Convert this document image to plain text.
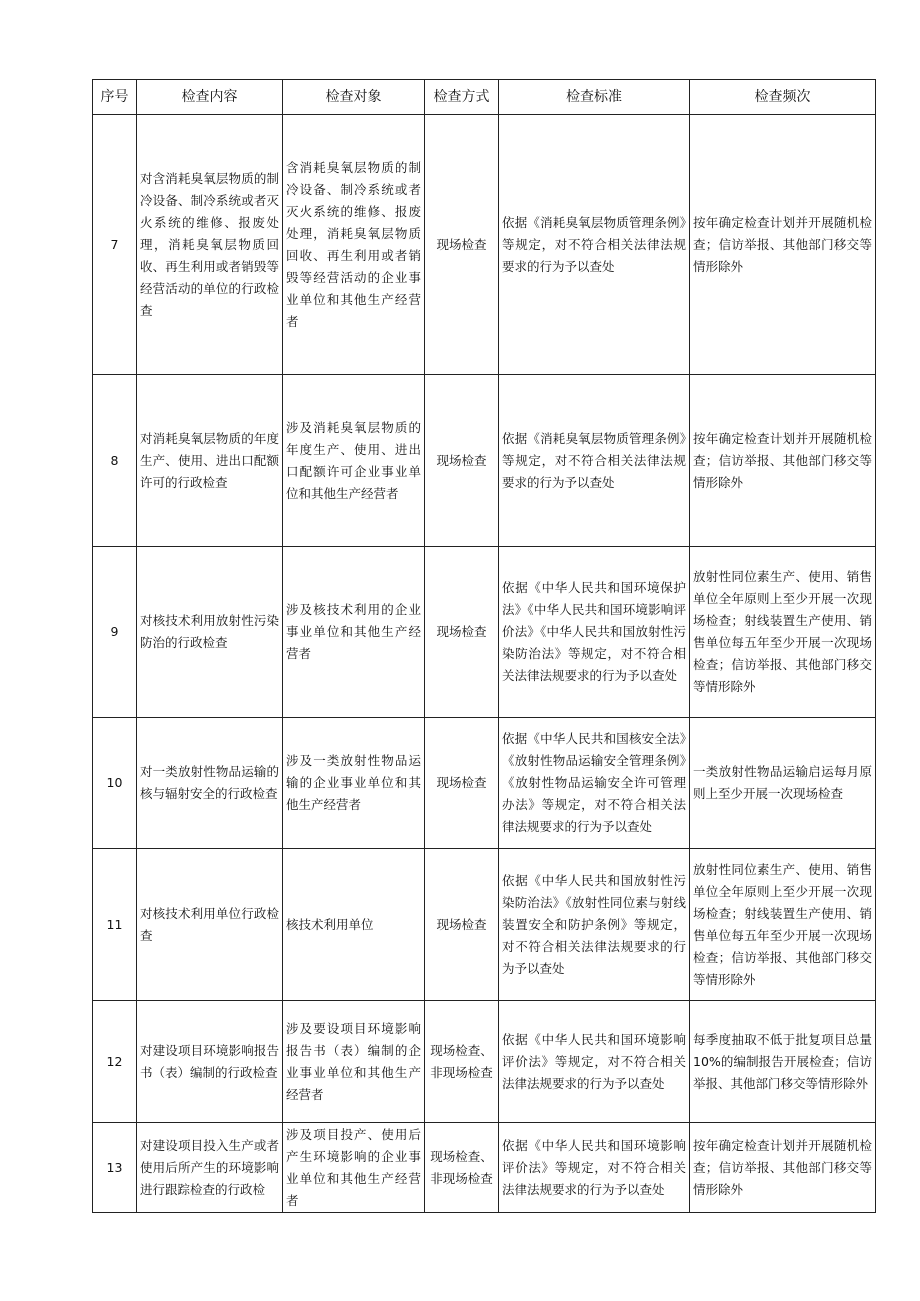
序号	检查内容	检查对象	检查方式	检查标准	检查频次
7	对含消耗臭氧层物质的制冷设备、制冷系统或者灭火系统的维修、报废处理，消耗臭氧层物质回收、再生利用或者销毁等经营活动的单位的行政检查	含消耗臭氧层物质的制冷设备、制冷系统或者灭火系统的维修、报废处理，消耗臭氧层物质回收、再生利用或者销毁等经营活动的企业事业单位和其他生产经营者	现场检查	依据《消耗臭氧层物质管理条例》等规定，对不符合相关法律法规要求的行为予以查处	按年确定检查计划并开展随机检查；信访举报、其他部门移交等情形除外
8	对消耗臭氧层物质的年度生产、使用、进出口配额许可的行政检查	涉及消耗臭氧层物质的年度生产、使用、进出口配额许可企业事业单位和其他生产经营者	现场检查	依据《消耗臭氧层物质管理条例》等规定，对不符合相关法律法规要求的行为予以查处	按年确定检查计划并开展随机检查；信访举报、其他部门移交等情形除外
9	对核技术利用放射性污染防治的行政检查	涉及核技术利用的企业事业单位和其他生产经营者	现场检查	依据《中华人民共和国环境保护法》《中华人民共和国环境影响评价法》《中华人民共和国放射性污染防治法》等规定，对不符合相关法律法规要求的行为予以查处	放射性同位素生产、使用、销售单位全年原则上至少开展一次现场检查；射线装置生产使用、销售单位每五年至少开展一次现场检查；信访举报、其他部门移交等情形除外
10	对一类放射性物品运输的核与辐射安全的行政检查	涉及一类放射性物品运输的企业事业单位和其他生产经营者	现场检查	依据《中华人民共和国核安全法》《放射性物品运输安全管理条例》《放射性物品运输安全许可管理办法》等规定，对不符合相关法律法规要求的行为予以查处	一类放射性物品运输启运每月原则上至少开展一次现场检查
11	对核技术利用单位行政检查	核技术利用单位	现场检查	依据《中华人民共和国放射性污染防治法》《放射性同位素与射线装置安全和防护条例》等规定，对不符合相关法律法规要求的行为予以查处	放射性同位素生产、使用、销售单位全年原则上至少开展一次现场检查；射线装置生产使用、销售单位每五年至少开展一次现场检查；信访举报、其他部门移交等情形除外
12	对建设项目环境影响报告书（表）编制的行政检查	涉及要设项目环境影响报告书（表）编制的企业事业单位和其他生产经营者	现场检查、非现场检查	依据《中华人民共和国环境影响评价法》等规定，对不符合相关法律法规要求的行为予以查处	每季度抽取不低于批复项目总量 10%的编制报告开展检查；信访举报、其他部门移交等情形除外
13	对建设项目投入生产或者使用后所产生的环境影响进行跟踪检查的行政检	涉及项目投产、使用后产生环境影响的企业事业单位和其他生产经营者	现场检查、非现场检查	依据《中华人民共和国环境影响评价法》等规定，对不符合相关法律法规要求的行为予以查处	按年确定检查计划并开展随机检查；信访举报、其他部门移交等情形除外
